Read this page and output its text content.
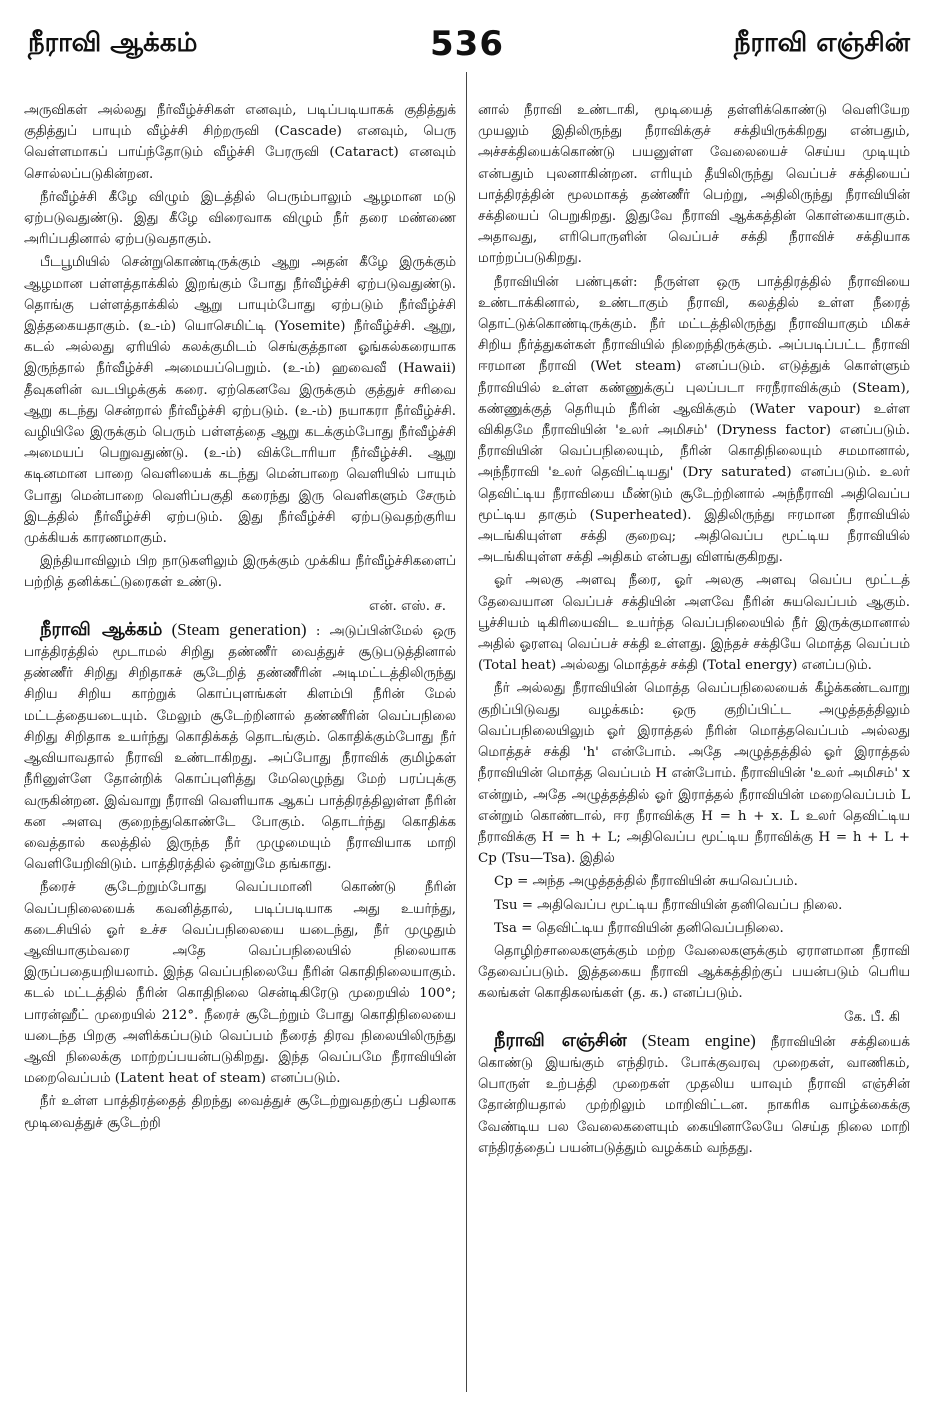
நீராவி ஆக்கம்	536	நீராவி எஞ்சின்

அருவிகள் அல்லது நீர்வீழ்ச்சிகள் எனவும், படிப்படியாகக் குதித்துக் குதித்துப் பாயும் வீழ்ச்சி சிற்றருவி (Cascade) எனவும், பெரு வெள்ளமாகப் பாய்ந்தோடும் வீழ்ச்சி பேரருவி (Cataract) எனவும் சொல்லப்படுகின்றன.

நீர்வீழ்ச்சி கீழே விழும் இடத்தில் பெரும்பாலும் ஆழமான மடு ஏற்படுவதுண்டு. இது கீழே விரைவாக விழும் நீர் தரை மண்ணை அரிப்பதினால் ஏற்படுவதாகும்.

பீடபூமியில் சென்றுகொண்டிருக்கும் ஆறு அதன் கீழே இருக்கும் ஆழமான பள்ளத்தாக்கில் இறங்கும் போது நீர்வீழ்ச்சி ஏற்படுவதுண்டு. தொங்கு பள்ளத்தாக்கில் ஆறு பாயும்போது ஏற்படும் நீர்வீழ்ச்சி இத்தகையதாகும். (உ-ம்) யொசெமிட்டி (Yosemite) நீர்வீழ்ச்சி. ஆறு, கடல் அல்லது ஏரியில் கலக்குமிடம் செங்குத்தான ஓங்கல்கரையாக இருந்தால் நீர்வீழ்ச்சி அமையப்பெறும். (உ-ம்) ஹவைவீ (Hawaii) தீவுகளின் வடபிழக்குக் கரை. ஏற்கெனவே இருக்கும் குத்துச் சரிவை ஆறு கடந்து சென்றால் நீர்வீழ்ச்சி ஏற்படும். (உ-ம்) நயாகரா நீர்வீழ்ச்சி. வழியிலே இருக்கும் பெரும் பள்ளத்தை ஆறு கடக்கும்போது நீர்வீழ்ச்சி அமையப் பெறுவதுண்டு. (உ-ம்) விக்டோரியா நீர்வீழ்ச்சி. ஆறு கடினமான பாறை வெளியைக் கடந்து மென்பாறை வெளியில் பாயும் போது மென்பாறை வெளிப்பகுதி கரைந்து இரு வெளிகளும் சேரும் இடத்தில் நீர்வீழ்ச்சி ஏற்படும். இது நீர்வீழ்ச்சி ஏற்படுவதற்குரிய முக்கியக் காரணமாகும்.

இந்தியாவிலும் பிற நாடுகளிலும் இருக்கும் முக்கிய நீர்வீழ்ச்சிகளைப் பற்றித் தனிக்கட்டுரைகள் உண்டு.

என். எஸ். ச.

நீராவி ஆக்கம் (Steam generation) : அடுப்பின்மேல் ஒரு பாத்திரத்தில் மூடாமல் சிறிது தண்ணீர் வைத்துச் சூடுபடுத்தினால் தண்ணீர் சிறிது சிறிதாகச் சூடேறித் தண்ணீரின் அடிமட்டத்திலிருந்து சிறிய சிறிய காற்றுக் கொப்புளங்கள் கிளம்பி நீரின் மேல் மட்டத்தையடையும். மேலும் சூடேற்றினால் தண்ணீரின் வெப்பநிலை சிறிது சிறிதாக உயர்ந்து கொதிக்கத் தொடங்கும். கொதிக்கும்போது நீர் ஆவியாவதால் நீராவி உண்டாகிறது. அப்போது நீராவிக் குமிழ்கள் நீரினுள்ளே தோன்றிக் கொப்புளித்து மேலெழுந்து மேற் பரப்புக்கு வருகின்றன. இவ்வாறு நீராவி வெளியாக ஆகப் பாத்திரத்திலுள்ள நீரின் கன அளவு குறைந்துகொண்டே போகும். தொடர்ந்து கொதிக்க வைத்தால் கலத்தில் இருந்த நீர் முழுமையும் நீராவியாக மாறி வெளியேறிவிடும். பாத்திரத்தில் ஒன்றுமே தங்காது.

நீரைச் சூடேற்றும்போது வெப்பமானி கொண்டு நீரின் வெப்பநிலையைக் கவனித்தால், படிப்படியாக அது உயர்ந்து, கடைசியில் ஓர் உச்ச வெப்பநிலையை யடைந்து, நீர் முழுதும் ஆவியாகும்வரை அதே வெப்பநிலையில் நிலையாக இருப்பதையறியலாம். இந்த வெப்பநிலையே நீரின் கொதிநிலையாகும். கடல் மட்டத்தில் நீரின் கொதிநிலை சென்டிகிரேடு முறையில் 100°; பாரன்ஹீட் முறையில் 212°. நீரைச் சூடேற்றும் போது கொதிநிலையை யடைந்த பிறகு அளிக்கப்படும் வெப்பம் நீரைத் திரவ நிலையிலிருந்து ஆவி நிலைக்கு மாற்றப்பயன்படுகிறது. இந்த வெப்பமே நீராவியின் மறைவெப்பம் (Latent heat of steam) எனப்படும்.

நீர் உள்ள பாத்திரத்தைத் திறந்து வைத்துச் சூடேற்றுவதற்குப் பதிலாக மூடிவைத்துச் சூடேற்றி

னால் நீராவி உண்டாகி, மூடியைத் தள்ளிக்கொண்டு வெளியேற முயலும் இதிலிருந்து நீராவிக்குச் சக்தியிருக்கிறது என்பதும், அச்சக்தியைக்கொண்டு பயனுள்ள வேலையைச் செய்ய முடியும் என்பதும் புலனாகின்றன. எரியும் தீயிலிருந்து வெப்பச் சக்தியைப் பாத்திரத்தின் மூலமாகத் தண்ணீர் பெற்று, அதிலிருந்து நீராவியின் சக்தியைப் பெறுகிறது. இதுவே நீராவி ஆக்கத்தின் கொள்கையாகும். அதாவது, எரிபொருளின் வெப்பச் சக்தி நீராவிச் சக்தியாக மாற்றப்படுகிறது.

நீராவியின் பண்புகள்: நீருள்ள ஒரு பாத்திரத்தில் நீராவியை உண்டாக்கினால், உண்டாகும் நீராவி, கலத்தில் உள்ள நீரைத் தொட்டுக்கொண்டிருக்கும். நீர் மட்டத்திலிருந்து நீராவியாகும் மிகச் சிறிய நீர்த்துகள்கள் நீராவியில் நிறைந்திருக்கும். அப்படிப்பட்ட நீராவி ஈரமான நீராவி (Wet steam) எனப்படும். எடுத்துக் கொள்ளும் நீராவியில் உள்ள கண்ணுக்குப் புலப்படா ஈரநீராவிக்கும் (Steam), கண்ணுக்குத் தெரியும் நீரின் ஆவிக்கும் (Water vapour) உள்ள விகிதமே நீராவியின் 'உலர் அமிசம்' (Dryness factor) எனப்படும். நீராவியின் வெப்பநிலையும், நீரின் கொதிநிலையும் சமமானால், அந்நீராவி 'உலர் தெவிட்டியது' (Dry saturated) எனப்படும். உலர் தெவிட்டிய நீராவியை மீண்டும் சூடேற்றினால் அந்நீராவி அதிவெப்ப மூட்டிய தாகும் (Superheated). இதிலிருந்து ஈரமான நீராவியில் அடங்கியுள்ள சக்தி குறைவு; அதிவெப்ப மூட்டிய நீராவியில் அடங்கியுள்ள சக்தி அதிகம் என்பது விளங்குகிறது.

ஓர் அலகு அளவு நீரை, ஓர் அலகு அளவு வெப்ப மூட்டத் தேவையான வெப்பச் சக்தியின் அளவே நீரின் சுயவெப்பம் ஆகும். பூச்சியம் டிகிரியைவிட உயர்ந்த வெப்பநிலையில் நீர் இருக்குமானால் அதில் ஓரளவு வெப்பச் சக்தி உள்ளது. இந்தச் சக்தியே மொத்த வெப்பம் (Total heat) அல்லது மொத்தச் சக்தி (Total energy) எனப்படும்.

நீர் அல்லது நீராவியின் மொத்த வெப்பநிலையைக் கீழ்க்கண்டவாறு குறிப்பிடுவது வழக்கம்: ஒரு குறிப்பிட்ட அழுத்தத்திலும் வெப்பநிலையிலும் ஓர் இராத்தல் நீரின் மொத்தவெப்பம் அல்லது மொத்தச் சக்தி 'h' என்போம். அதே அழுத்தத்தில் ஓர் இராத்தல் நீராவியின் மொத்த வெப்பம் H என்போம். நீராவியின் 'உலர் அமிசம்' x என்றும், அதே அழுத்தத்தில் ஓர் இராத்தல் நீராவியின் மறைவெப்பம் L என்றும் கொண்டால், ஈர நீராவிக்கு H = h + x. L உலர் தெவிட்டிய நீராவிக்கு H = h + L; அதிவெப்ப மூட்டிய நீராவிக்கு H = h + L + Cp (Tsu—Tsa). இதில்

Cp = அந்த அழுத்தத்தில் நீராவியின் சுயவெப்பம்.

Tsu = அதிவெப்ப மூட்டிய நீராவியின் தனிவெப்ப நிலை.

Tsa = தெவிட்டிய நீராவியின் தனிவெப்பநிலை.

தொழிற்சாலைகளுக்கும் மற்ற வேலைகளுக்கும் ஏராளமான நீராவி தேவைப்படும். இத்தகைய நீராவி ஆக்கத்திற்குப் பயன்படும் பெரிய கலங்கள் கொதிகலங்கள் (த. க.) எனப்படும்.

கே. பீ. கி

நீராவி எஞ்சின் (Steam engine) நீராவியின் சக்தியைக் கொண்டு இயங்கும் எந்திரம். போக்குவரவு முறைகள், வாணிகம், பொருள் உற்பத்தி முறைகள் முதலிய யாவும் நீராவி எஞ்சின் தோன்றியதால் முற்றிலும் மாறிவிட்டன. நாகரிக வாழ்க்கைக்கு வேண்டிய பல வேலைகளையும் கையினாலேயே செய்த நிலை மாறி எந்திரத்தைப் பயன்படுத்தும் வழக்கம் வந்தது.
